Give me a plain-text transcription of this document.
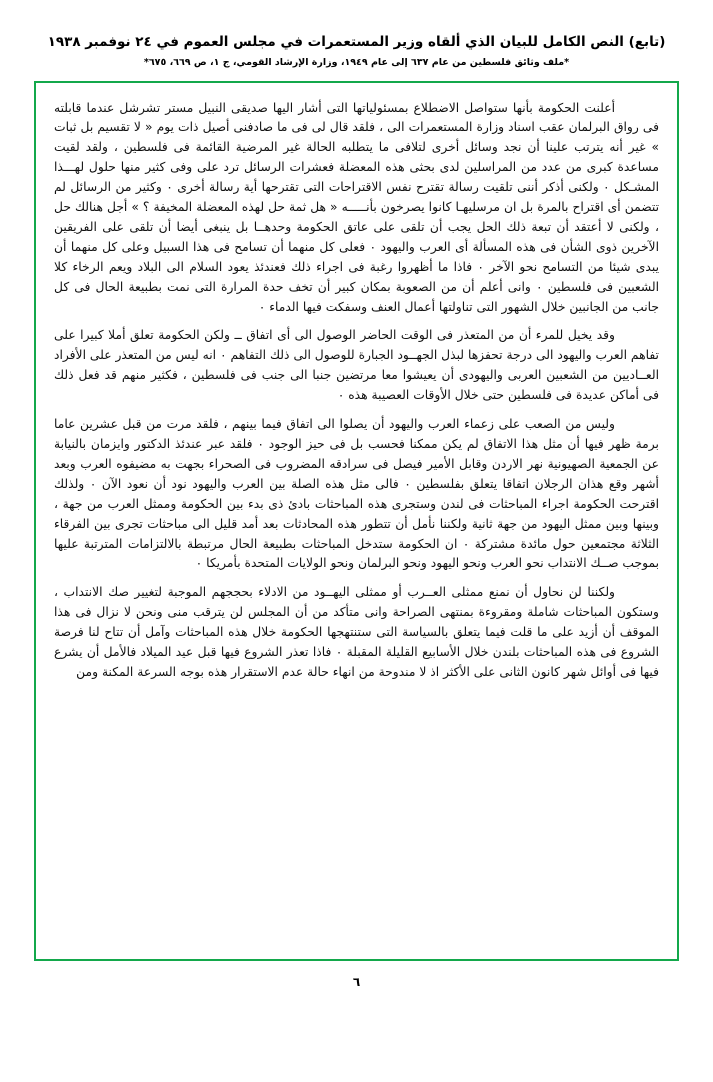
(تابع) النص الكامل للبيان الذي ألقاه وزير المستعمرات في مجلس العموم في ٢٤ نوفمبر ١٩٣٨
*ملف وثائق فلسطين من عام ٦٣٧ إلى عام ١٩٤٩، وزارة الإرشاد القومي، ج ١، ص ٦٦٩، ٦٧٥*

أعلنت الحكومة بأنها ستواصل الاضطلاع بمسئولياتها التى أشار اليها صديقى النبيل مستر تشرشل عندما قابلته فى رواق البرلمان عقب اسناد وزارة المستعمرات الى ، فلقد قال لى فى ما صادفنى أصيل ذات يوم « لا تقسيم بل ثبات » غير أنه يترتب علينا أن نجد وسائل أخرى لتلافى ما يتطلبه الحالة غير المرضية القائمة فى فلسطين ، ولقد لقيت مساعدة كبرى من عدد من المراسلين لدى بحثى هذه المعضلة فعشرات الرسائل ترد على وفى كثير منها حلول لهـــذا المشـكل ٠ ولكنى أذكر أننى تلقيت رسالة تقترح نفس الاقتراحات التى تقترحها أية رسالة أخرى ٠ وكثير من الرسائل لم تتضمن أى اقتراح بالمرة بل ان مرسليهـا كانوا يصرخون بأنـــــه « هل ثمة حل لهذه المعضلة المخيفة ؟ » أجل هنالك حل ، ولكنى لا أعتقد أن تبعة ذلك الحل يجب أن تلقى على عاتق الحكومة وحدهــا بل ينبغى أيضا أن تلقى على الفريقين الآخرين ذوى الشأن فى هذه المسألة أى العرب واليهود ٠ فعلى كل منهما أن تسامح فى هذا السبيل وعلى كل منهما أن يبدى شيئا من التسامح نحو الآخر ٠ فاذا ما أظهروا رغبة فى اجراء ذلك فعندئذ يعود السلام الى البلاد ويعم الرخاء كلا الشعبين فى فلسطين ٠ وانى أعلم أن من الصعوبة بمكان كبير أن تخف حدة المرارة التى نمت بطبيعة الحال فى كل جانب من الجانبين خلال الشهور التى تناولتها أعمال العنف وسفكت فيها الدماء ٠

وقد يخيل للمرء أن من المتعذر فى الوقت الحاضر الوصول الى أى اتفاق ــ ولكن الحكومة تعلق أملا كبيرا على تفاهم العرب واليهود الى درجة تحفزها لبذل الجهــود الجبارة للوصول الى ذلك التفاهم ٠ انه ليس من المتعذر على الأفراد العــاديين من الشعبين العربى واليهودى أن يعيشوا معا مرتضين جنبا الى جنب فى فلسطين ، فكثير منهم قد فعل ذلك فى أماكن عديدة فى فلسطين حتى خلال الأوقات العصيبة هذه ٠

وليس من الصعب على زعماء العرب واليهود أن يصلوا الى اتفاق فيما بينهم ، فلقد مرت من قبل عشرين عاما برمة ظهر فيها أن مثل هذا الاتفاق لم يكن ممكنا فحسب بل فى حيز الوجود ٠ فلقد عبر عندئذ الدكتور وايزمان بالنيابة عن الجمعية الصهيونية نهر الاردن وقابل الأمير فيصل فى سرادقه المضروب فى الصحراء بجهت به مضيفوه العرب وبعد أشهر وقع هذان الرجلان اتفاقا يتعلق بفلسطين ٠ فالى مثل هذه الصلة بين العرب واليهود نود أن نعود الآن ٠ ولذلك اقترحت الحكومة اجراء المباحثات فى لندن وستجرى هذه المباحثات بادئ ذى بدء بين الحكومة وممثل العرب من جهة ، وبينها وبين ممثل اليهود من جهة ثانية ولكننا نأمل أن تتطور هذه المحادثات بعد أمد قليل الى مباحثات تجرى بين الفرقاء الثلاثة مجتمعين حول مائدة مشتركة ٠ ان الحكومة ستدخل المباحثات بطبيعة الحال مرتبطة بالالتزامات المترتبة عليها بموجب صــك الانتداب نحو العرب ونحو اليهود ونحو البرلمان ونحو الولايات المتحدة بأمريكا ٠

ولكننا لن نحاول أن نمنع ممثلى العــرب أو ممثلى اليهــود من الادلاء بحججهم الموجبة لتغيير صك الانتداب ، وستكون المباحثات شاملة ومقروءة بمنتهى الصراحة وانى متأكد من أن المجلس لن يترقب منى ونحن لا نزال فى هذا الموقف أن أزيد على ما قلت فيما يتعلق بالسياسة التى ستنتهجها الحكومة خلال هذه المباحثات وآمل أن تتاح لنا فرصة الشروع فى هذه المباحثات بلندن خلال الأسابيع القليلة المقبلة ٠ فاذا تعذر الشروع فيها قبل عيد الميلاد فالأمل أن يشرع فيها فى أوائل شهر كانون الثانى على الأكثر اذ لا مندوحة من انهاء حالة عدم الاستقرار هذه بوجه السرعة المكنة ومن

٦
